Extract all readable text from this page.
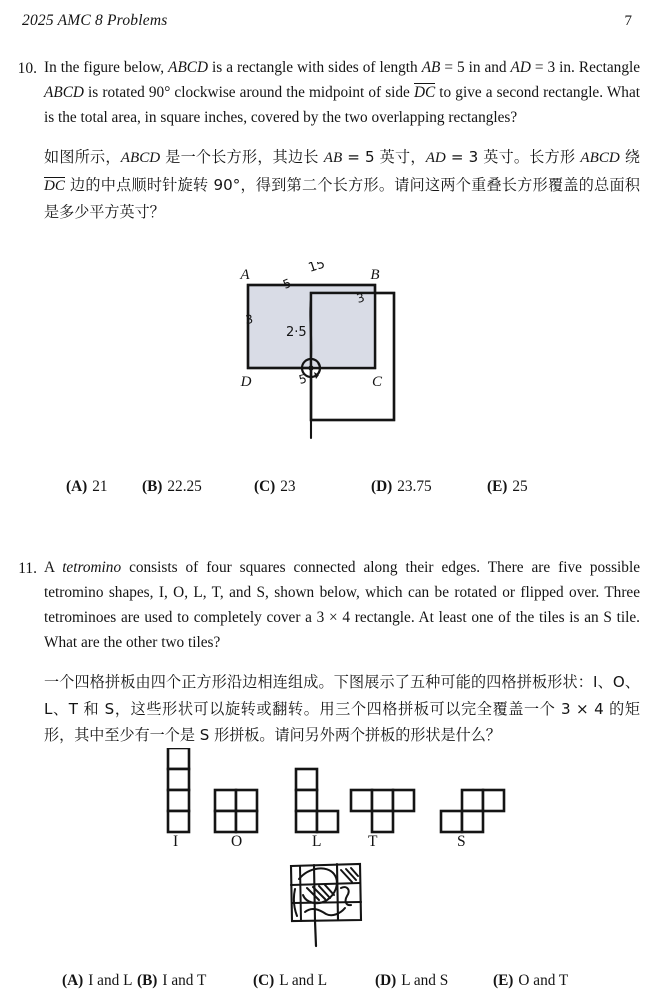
2025 AMC 8 Problems	7
10. In the figure below, ABCD is a rectangle with sides of length AB = 5 in and AD = 3 in. Rectangle ABCD is rotated 90° clockwise around the midpoint of side DC to give a second rectangle. What is the total area, in square inches, covered by the two overlapping rectangles?
如图所示，ABCD 是一个长方形，其边长 AB = 5 英寸，AD = 3 英寸。长方形 ABCD 绕 DC 边的中点顺时针旋转 90°，得到第二个长方形。请问这两个重叠长方形覆盖的总面积是多少平方英寸？
A	B
D	C
15
5
3
3
2·5
5
(A) 21 (B) 22.25	(C) 23	(D) 23.75	(E) 25
11. A tetromino consists of four squares connected along their edges. There are five possible tetromino shapes, I, O, L, T, and S, shown below, which can be rotated or flipped over. Three tetrominoes are used to completely cover a 3 × 4 rectangle. At least one of the tiles is an S tile. What are the other two tiles?
一个四格拼板由四个正方形沿边相连组成。下图展示了五种可能的四格拼板形状：I、O、L、T 和 S，这些形状可以旋转或翻转。用三个四格拼板可以完全覆盖一个 3 × 4 的矩形，其中至少有一个是 S 形拼板。请问另外两个拼板的形状是什么？
I	O	L	T	S
(A) I and L (B) I and T	(C) L and L	(D) L and S	(E) O and T
